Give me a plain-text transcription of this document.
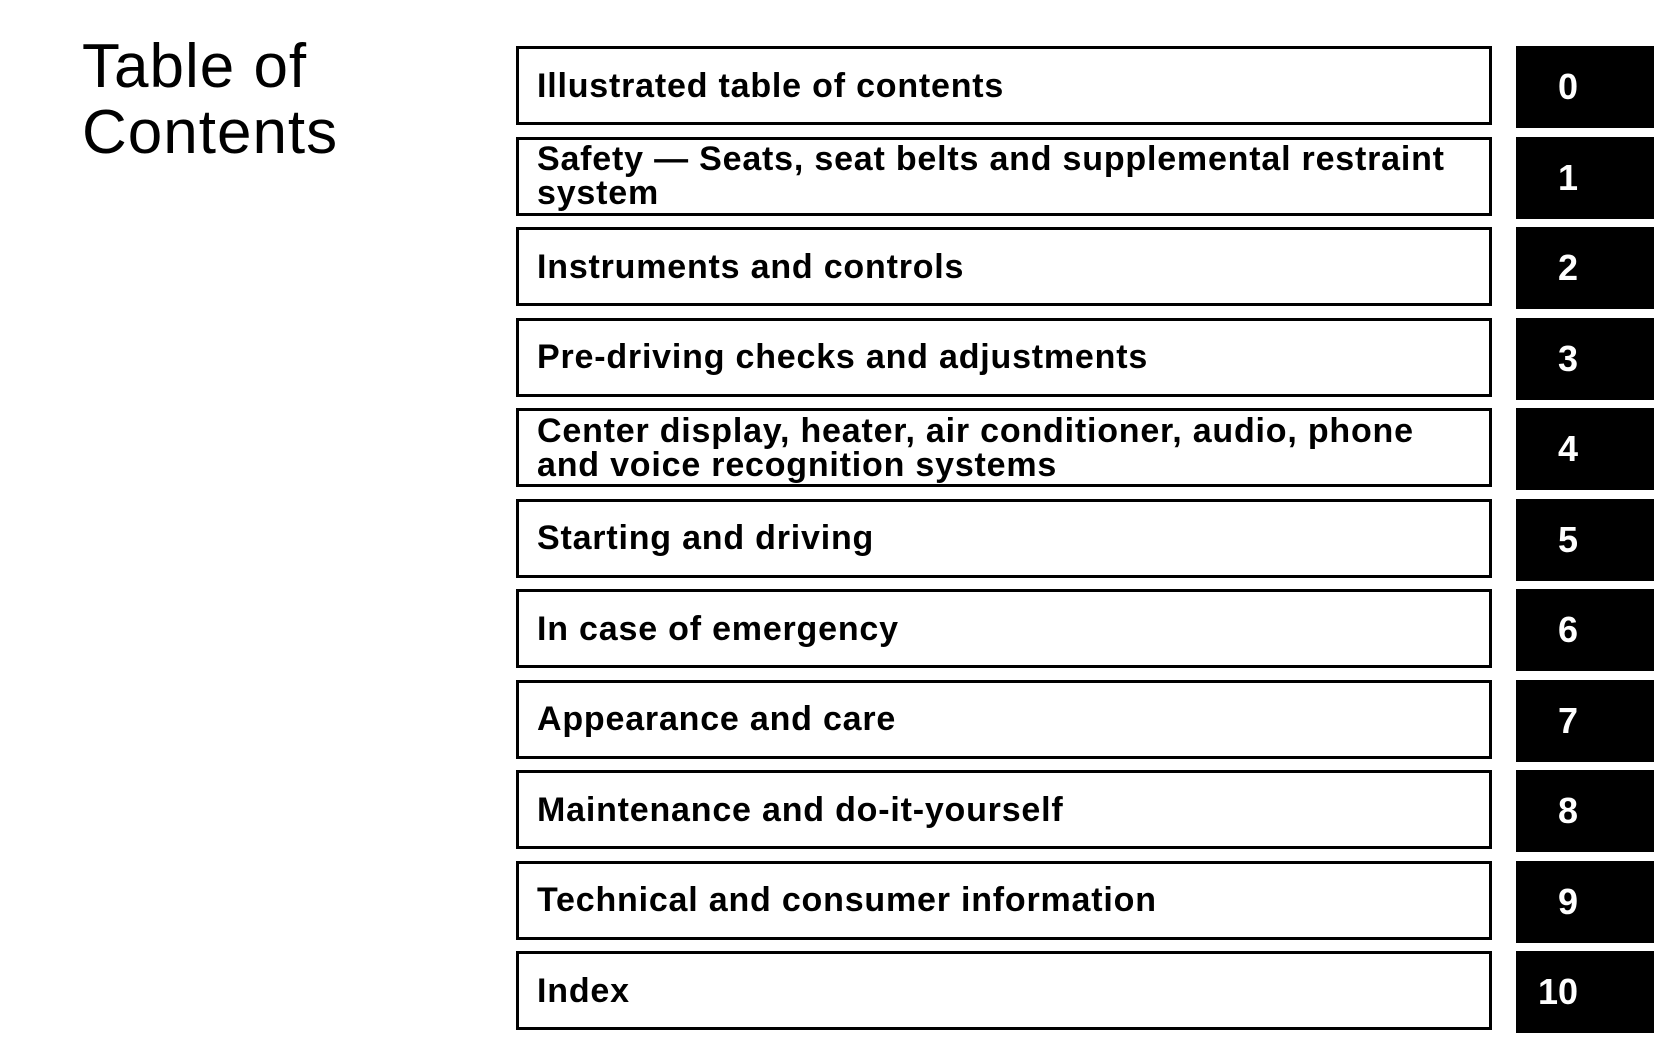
Table of
Contents
Illustrated table of contents	0
Safety — Seats, seat belts and supplemental restraint system	1
Instruments and controls	2
Pre-driving checks and adjustments	3
Center display, heater, air conditioner, audio, phone and voice recognition systems	4
Starting and driving	5
In case of emergency	6
Appearance and care	7
Maintenance and do-it-yourself	8
Technical and consumer information	9
Index	10
